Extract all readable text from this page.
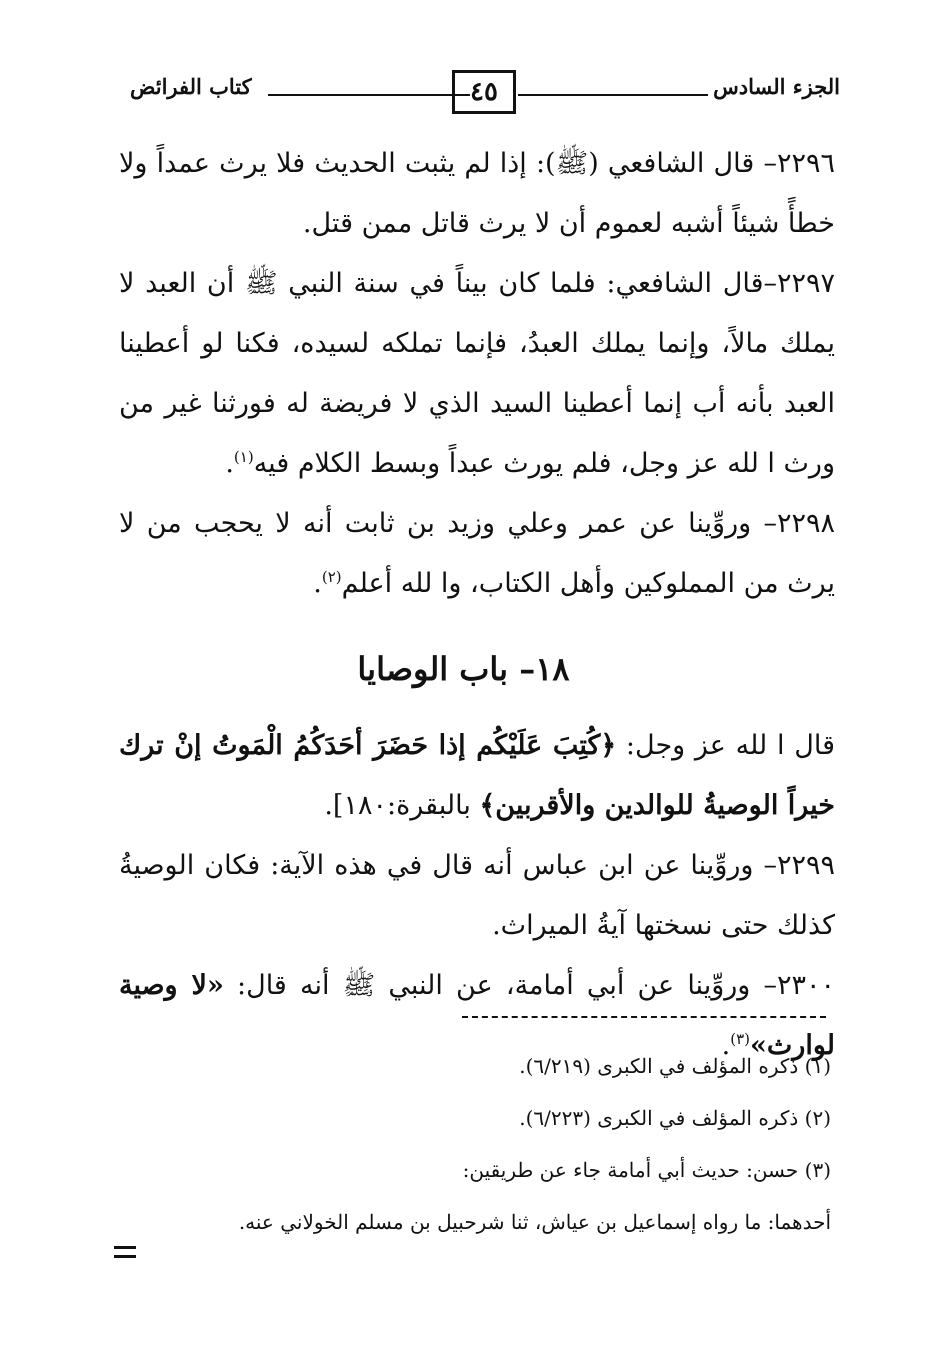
الجزء السادس
٤٥
كتاب الفرائض

٢٢٩٦– قال الشافعي (ﷺ): إذا لم يثبت الحديث فلا يرث عمداً ولا خطأً شيئاً أشبه لعموم أن لا يرث قاتل ممن قتل.

٢٢٩٧–قال الشافعي: فلما كان بيناً في سنة النبي ﷺ أن العبد لا يملك مالاً، وإنما يملك العبدُ، فإنما تملكه لسيده، فكنا لو أعطينا العبد بأنه أب إنما أعطينا السيد الذي لا فريضة له فورثنا غير من ورث ا لله عز وجل، فلم يورث عبداً وبسط الكلام فيه$^{(١)}$.

٢٢٩٨– وروِّينا عن عمر وعلي وزيد بن ثابت أنه لا يحجب من لا يرث من المملوكين وأهل الكتاب، وا لله أعلم$^{(٢)}$.

١٨– باب الوصايا

قال ا لله عز وجل: ﴿كُتِبَ عَلَيْكُم إذا حَضَرَ أحَدَكُمُ الْمَوتُ إنْ ترك خيراً الوصيةُ للوالدين والأقربين﴾ بالبقرة:١٨٠].

٢٢٩٩– وروِّينا عن ابن عباس أنه قال في هذه الآية: فكان الوصيةُ كذلك حتى نسختها آيةُ الميراث.

٢٣٠٠– وروِّينا عن أبي أمامة، عن النبي ﷺ أنه قال: «لا وصية لوارث»$^{(٣)}$.

(١) ذكره المؤلف في الكبرى (٦/٢١٩).

(٢) ذكره المؤلف في الكبرى (٦/٢٢٣).

(٣) حسن: حديث أبي أمامة جاء عن طريقين:

أحدهما: ما رواه إسماعيل بن عياش، ثنا شرحبيل بن مسلم الخولاني عنه.
